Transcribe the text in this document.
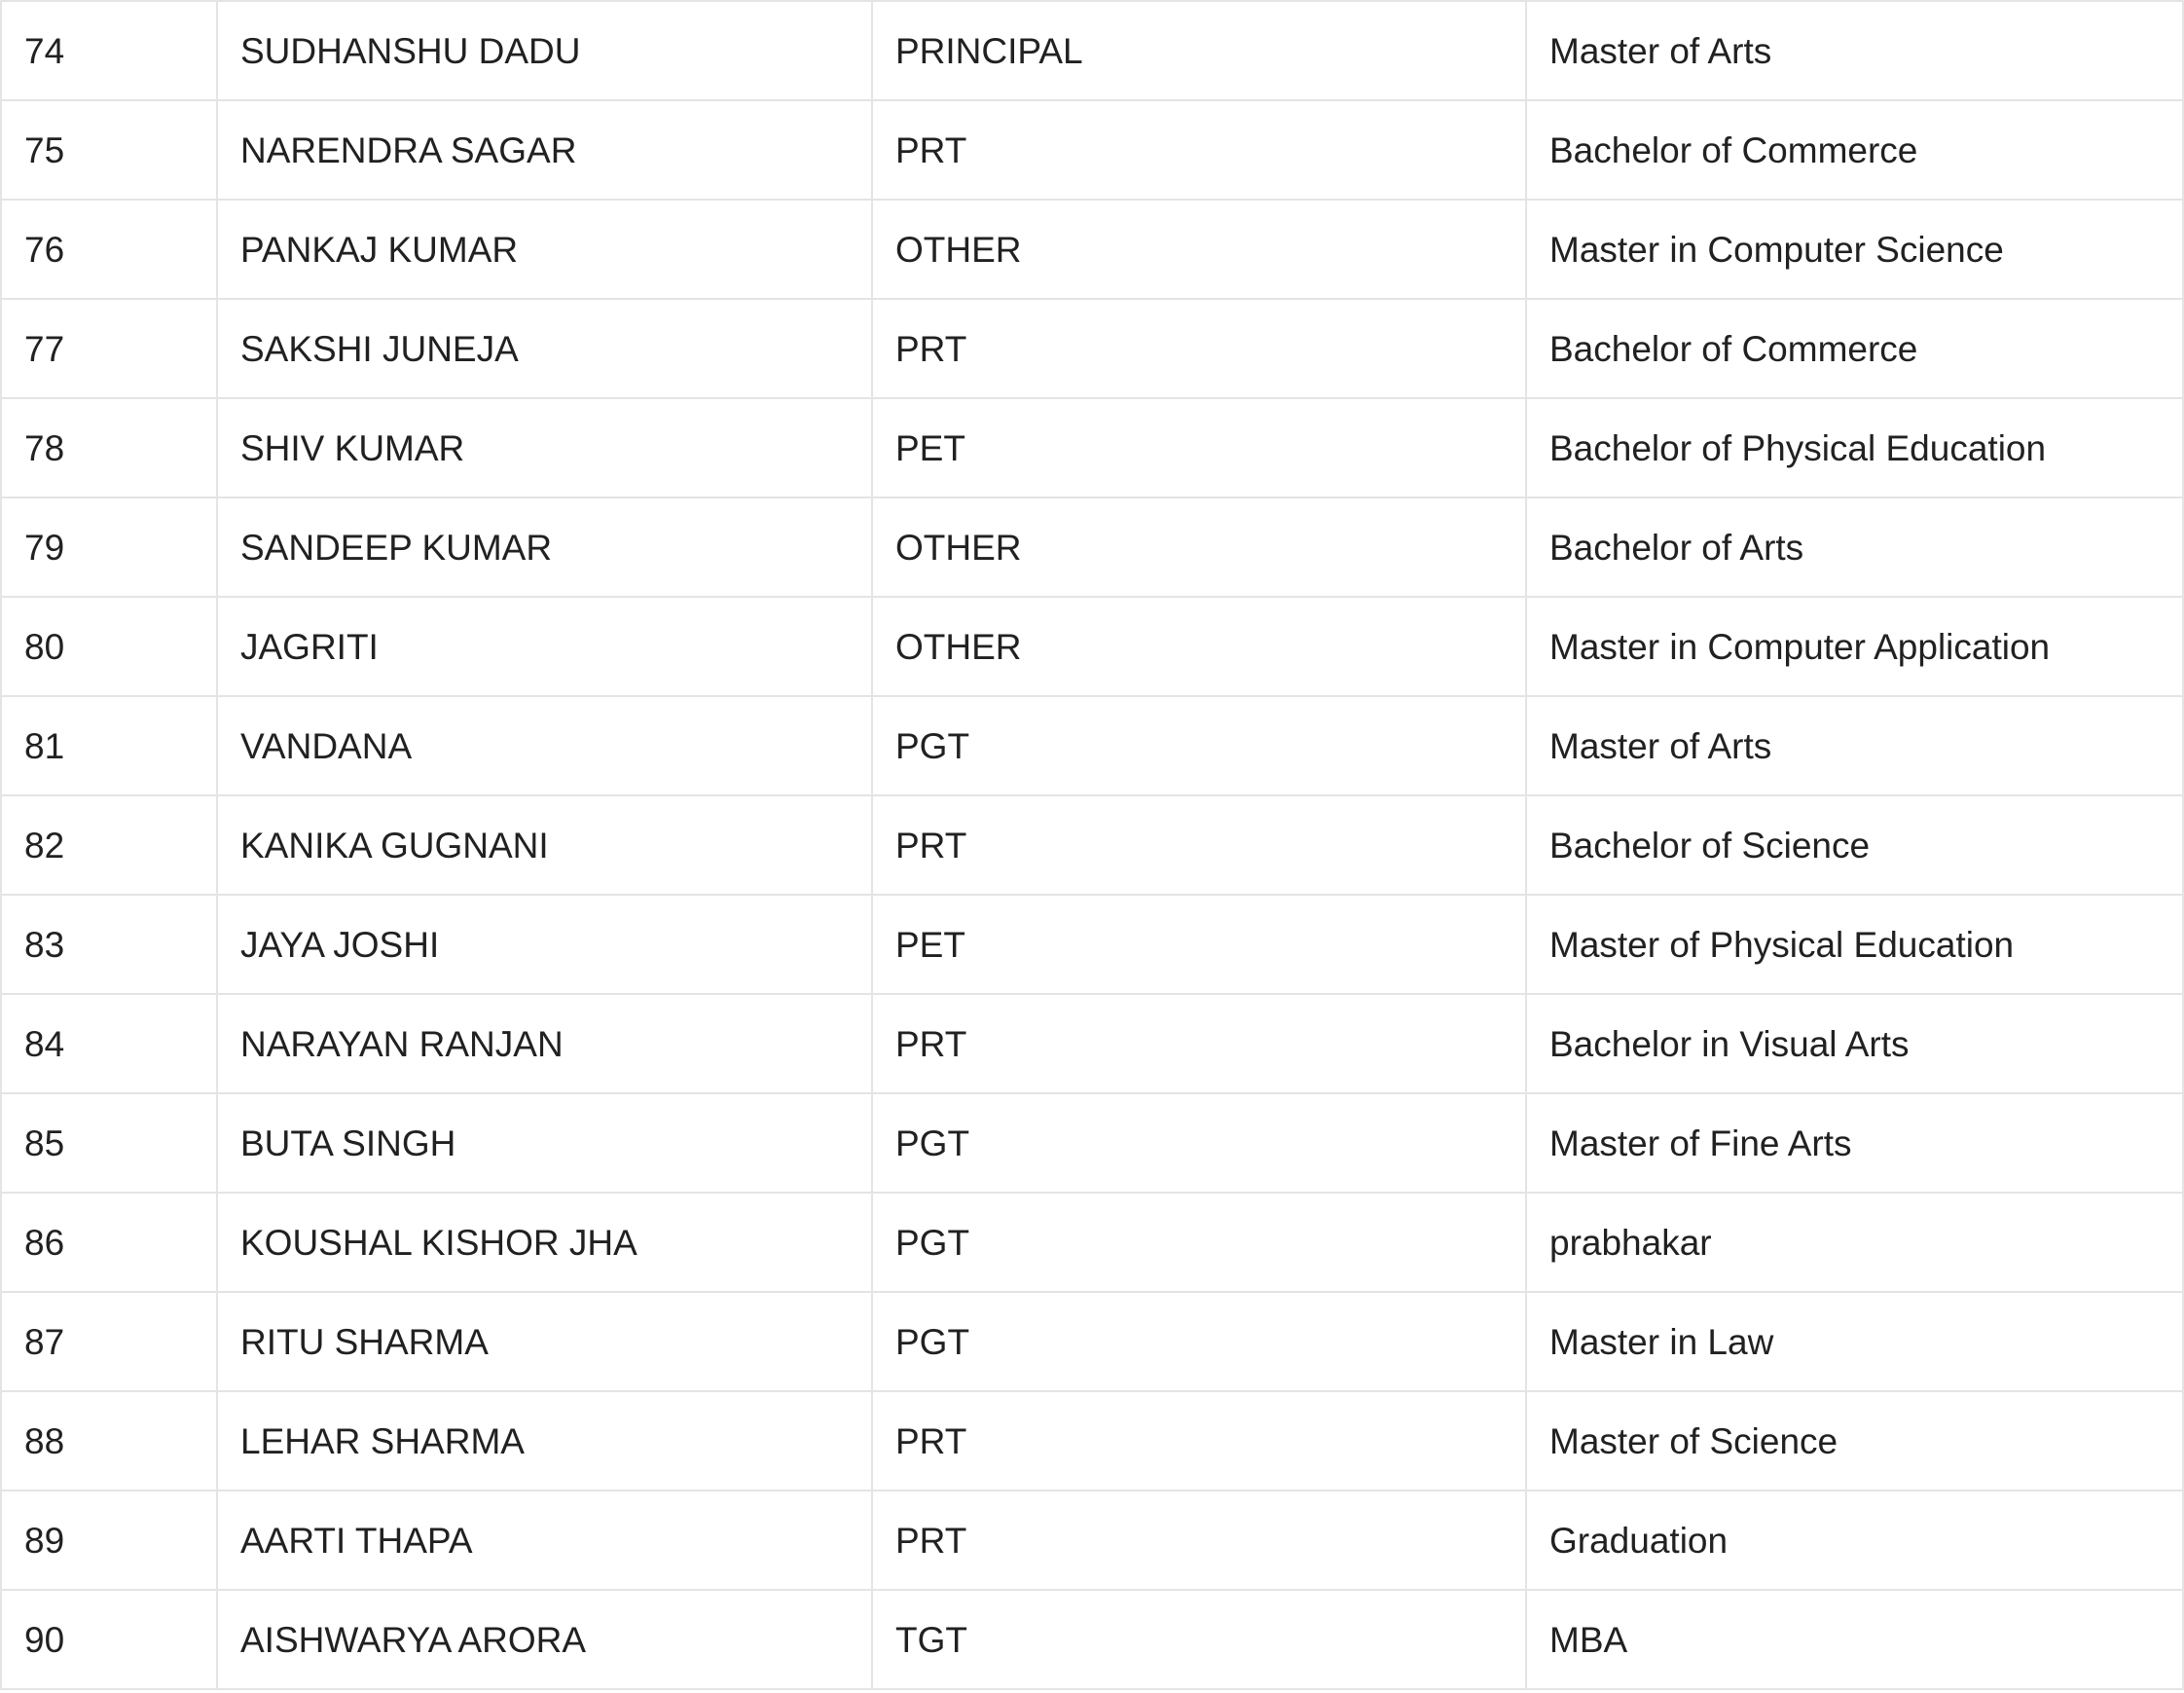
74	SUDHANSHU DADU	PRINCIPAL	Master of Arts
75	NARENDRA SAGAR	PRT	Bachelor of Commerce
76	PANKAJ KUMAR	OTHER	Master in Computer Science
77	SAKSHI JUNEJA	PRT	Bachelor of Commerce
78	SHIV KUMAR	PET	Bachelor of Physical Education
79	SANDEEP KUMAR	OTHER	Bachelor of Arts
80	JAGRITI	OTHER	Master in Computer Application
81	VANDANA	PGT	Master of Arts
82	KANIKA GUGNANI	PRT	Bachelor of Science
83	JAYA JOSHI	PET	Master of Physical Education
84	NARAYAN RANJAN	PRT	Bachelor in Visual Arts
85	BUTA SINGH	PGT	Master of Fine Arts
86	KOUSHAL KISHOR JHA	PGT	prabhakar
87	RITU SHARMA	PGT	Master in Law
88	LEHAR SHARMA	PRT	Master of Science
89	AARTI THAPA	PRT	Graduation
90	AISHWARYA ARORA	TGT	MBA
